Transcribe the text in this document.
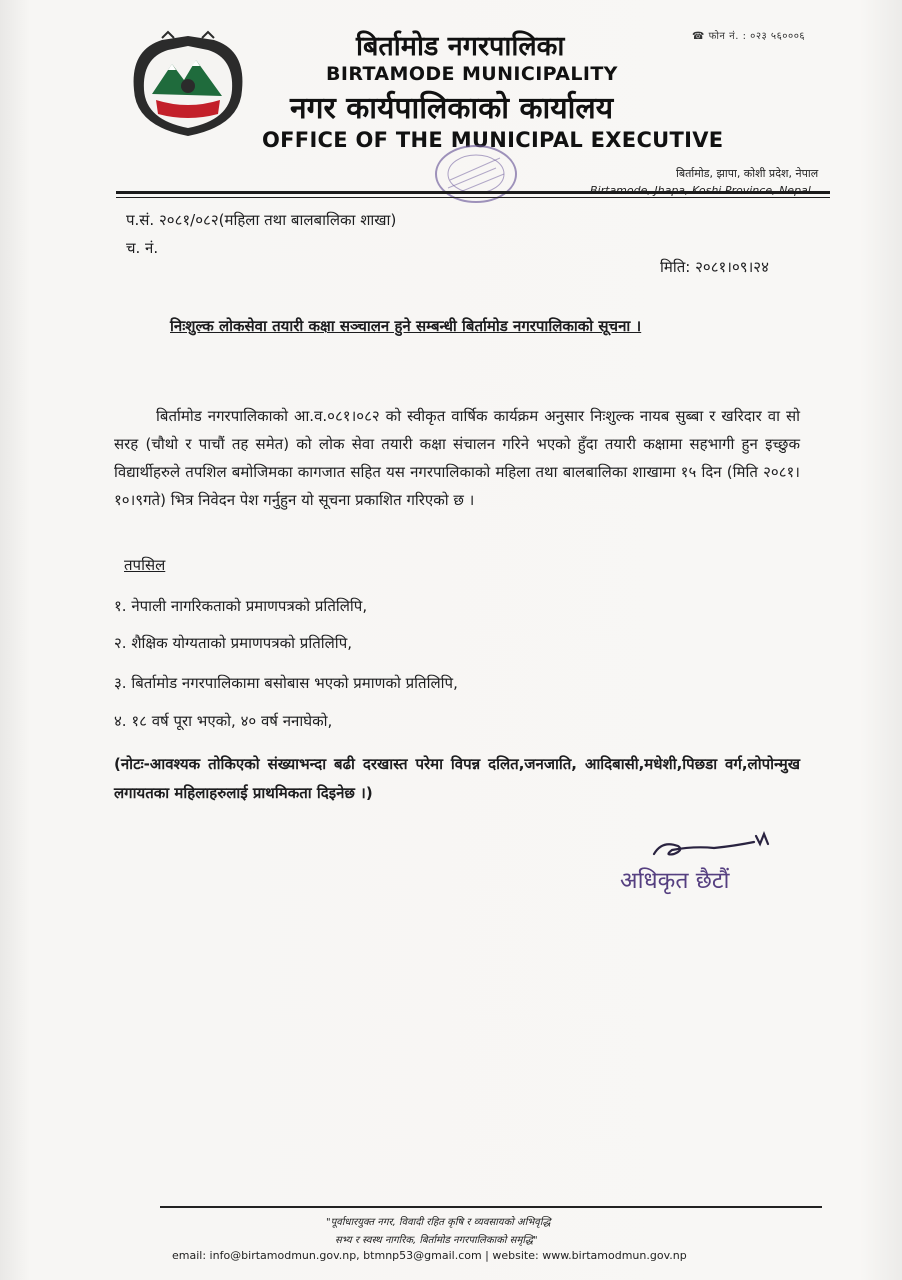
☎ फोन नं. : ०२३ ५६०००६
बिर्तामोड नगरपालिका
BIRTAMODE MUNICIPALITY
नगर कार्यपालिकाको कार्यालय
OFFICE OF THE MUNICIPAL EXECUTIVE
बिर्तामोड, झापा, कोशी प्रदेश, नेपाल
प.सं. २०८१/०८२(महिला तथा बालबालिका शाखा)
च. नं.
मिति: २०८१।०९।२४
निःशुल्क लोकसेवा तयारी कक्षा सञ्चालन हुने सम्बन्धी बिर्तामोड नगरपालिकाको सूचना ।
बिर्तामोड नगरपालिकाको आ.व.०८१।०८२ को स्वीकृत वार्षिक कार्यक्रम अनुसार निःशुल्क नायब सुब्बा र खरिदार वा सो सरह (चौथो र पाचौं तह समेत) को लोक सेवा तयारी कक्षा संचालन गरिने भएको हुँदा तयारी कक्षामा सहभागी हुन इच्छुक विद्यार्थीहरुले तपशिल बमोजिमका कागजात सहित यस नगरपालिकाको महिला तथा बालबालिका शाखामा १५ दिन (मिति २०८१।१०।९गते) भित्र निवेदन पेश गर्नुहुन यो सूचना प्रकाशित गरिएको छ ।
तपसिल
१. नेपाली नागरिकताको प्रमाणपत्रको प्रतिलिपि,
२. शैक्षिक योग्यताको प्रमाणपत्रको प्रतिलिपि,
३. बिर्तामोड नगरपालिकामा बसोबास भएको प्रमाणको प्रतिलिपि,
४. १८ वर्ष पूरा भएको, ४० वर्ष ननाघेको,
(नोटः-आवश्यक तोकिएको संख्याभन्दा बढी दरखास्त परेमा विपन्न दलित,जनजाति, आदिबासी,मधेशी,पिछडा वर्ग,लोपोन्मुख लगायतका महिलाहरुलाई प्राथमिकता दिइनेछ ।)
अधिकृत छैटौं
"पूर्वाधारयुक्त नगर, विवादी रहित कृषि र व्यवसायको अभिवृद्धि
सभ्य र स्वस्थ नागरिक, बिर्तामोड नगरपालिकाको समृद्धि"
email: info@birtamodmun.gov.np, btmnp53@gmail.com | website: www.birtamodmun.gov.np
